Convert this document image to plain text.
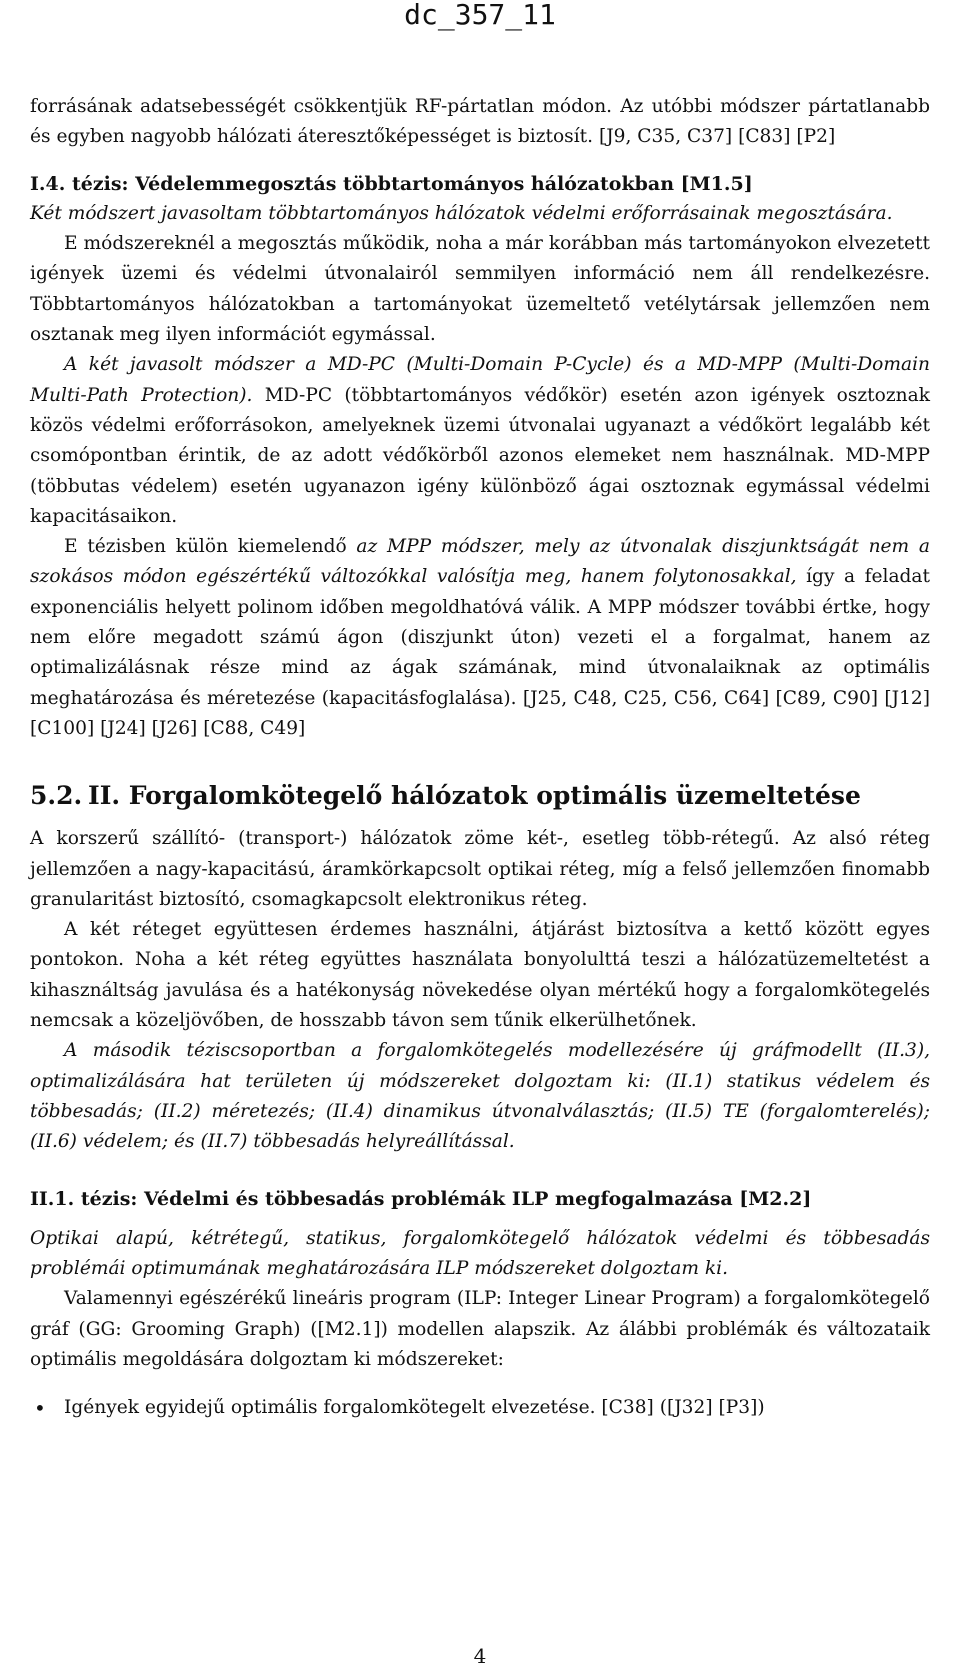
dc_357_11

forrásának adatsebességét csökkentjük RF-pártatlan módon. Az utóbbi módszer pártatlanabb és egyben nagyobb hálózati áteresztőképességet is biztosít. [J9, C35, C37] [C83] [P2]

I.4. tézis: Védelemmegosztás többtartományos hálózatokban [M1.5]

Két módszert javasoltam többtartományos hálózatok védelmi erőforrásainak megosztására.

E módszereknél a megosztás működik, noha a már korábban más tartományokon elvezetett igények üzemi és védelmi útvonalairól semmilyen információ nem áll rendelkezésre. Többtartományos hálózatokban a tartományokat üzemeltető vetélytársak jellemzően nem osztanak meg ilyen információt egymással.

A két javasolt módszer a MD-PC (Multi-Domain P-Cycle) és a MD-MPP (Multi-Domain Multi-Path Protection). MD-PC (többtartományos védőkör) esetén azon igények osztoznak közös védelmi erőforrásokon, amelyeknek üzemi útvonalai ugyanazt a védőkört legalább két csomópontban érintik, de az adott védőkörből azonos elemeket nem használnak. MD-MPP (többutas védelem) esetén ugyanazon igény különböző ágai osztoznak egymással védelmi kapacitásaikon.

E tézisben külön kiemelendő az MPP módszer, mely az útvonalak diszjunktságát nem a szokásos módon egészértékű változókkal valósítja meg, hanem folytonosakkal, így a feladat exponenciális helyett polinom időben megoldhatóvá válik. A MPP módszer további értke, hogy nem előre megadott számú ágon (diszjunkt úton) vezeti el a forgalmat, hanem az optimalizálásnak része mind az ágak számának, mind útvonalaiknak az optimális meghatározása és méretezése (kapacitásfoglalása). [J25, C48, C25, C56, C64] [C89, C90] [J12] [C100] [J24] [J26] [C88, C49]

5.2. II. Forgalomkötegelő hálózatok optimális üzemeltetése

A korszerű szállító- (transport-) hálózatok zöme két-, esetleg több-rétegű. Az alsó réteg jellemzően a nagy-kapacitású, áramkörkapcsolt optikai réteg, míg a felső jellemzően finomabb granularitást biztosító, csomagkapcsolt elektronikus réteg.

A két réteget együttesen érdemes használni, átjárást biztosítva a kettő között egyes pontokon. Noha a két réteg együttes használata bonyolulttá teszi a hálózatüzemeltetést a kihasználtság javulása és a hatékonyság növekedése olyan mértékű hogy a forgalomkötegelés nemcsak a közeljövőben, de hosszabb távon sem tűnik elkerülhetőnek.

A második téziscsoportban a forgalomkötegelés modellezésére új gráfmodellt (II.3), optimalizálására hat területen új módszereket dolgoztam ki: (II.1) statikus védelem és többesadás; (II.2) méretezés; (II.4) dinamikus útvonalválasztás; (II.5) TE (forgalomterelés); (II.6) védelem; és (II.7) többesadás helyreállítással.

II.1. tézis: Védelmi és többesadás problémák ILP megfogalmazása [M2.2]

Optikai alapú, kétrétegű, statikus, forgalomkötegelő hálózatok védelmi és többesadás problémái optimumának meghatározására ILP módszereket dolgoztam ki.

Valamennyi egészérékű lineáris program (ILP: Integer Linear Program) a forgalomkötegelő gráf (GG: Grooming Graph) ([M2.1]) modellen alapszik. Az álábbi problémák és változataik optimális megoldására dolgoztam ki módszereket:

• Igények egyidejű optimális forgalomkötegelt elvezetése. [C38] ([J32] [P3])
4
